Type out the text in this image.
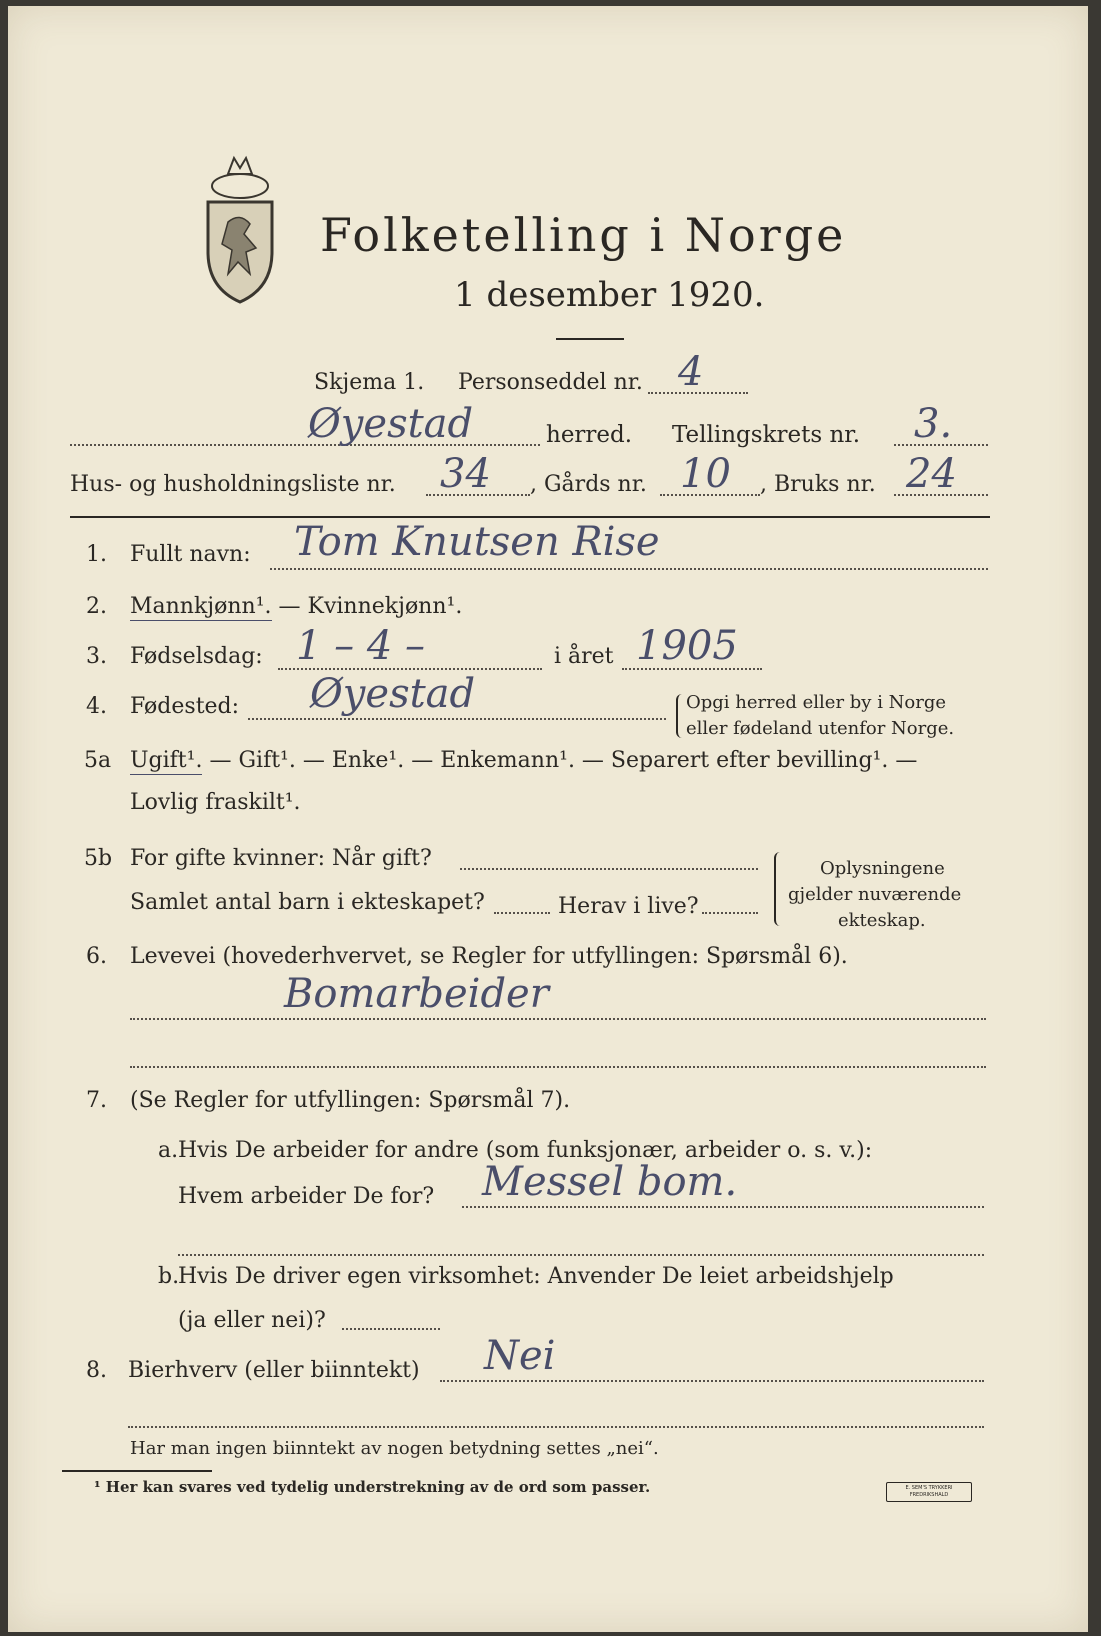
Folketelling i Norge
1 desember 1920.
Skjema 1. Personseddel nr. 4
Øyestad	herred. Tellingskrets nr. 3.
Hus- og husholdningsliste nr. 34 , Gårds nr. 10 , Bruks nr. 24
1. Fullt navn: Tom Knutsen Rise
2. Mannkjønn¹. — Kvinnekjønn¹.
3. Fødselsdag: 1 – 4 –	i året 1905
4. Fødested: Øyestad	Opgi herred eller by i Norge
eller fødeland utenfor Norge.
5a Ugift¹. — Gift¹. — Enke¹. — Enkemann¹. — Separert efter bevilling¹. —
Lovlig fraskilt¹.
5b For gifte kvinner: Når gift?
Samlet antal barn i ekteskapet?	Herav i live?
Oplysningene
gjelder nuværende
ekteskap.
6. Levevei (hovederhvervet, se Regler for utfyllingen: Spørsmål 6).
Bomarbeider
7. (Se Regler for utfyllingen: Spørsmål 7).
a. Hvis De arbeider for andre (som funksjonær, arbeider o. s. v.):
Hvem arbeider De for? Messel bom.
b.
Hvis De driver egen virksomhet: Anvender De leiet arbeidshjelp
(ja eller nei)?
8. Bierhverv (eller biinntekt) Nei
Har man ingen biinntekt av nogen betydning settes „nei“.
¹ Her kan svares ved tydelig understrekning av de ord som passer.	E. SEM'S TRYKKERI FREDRIKSHALD
